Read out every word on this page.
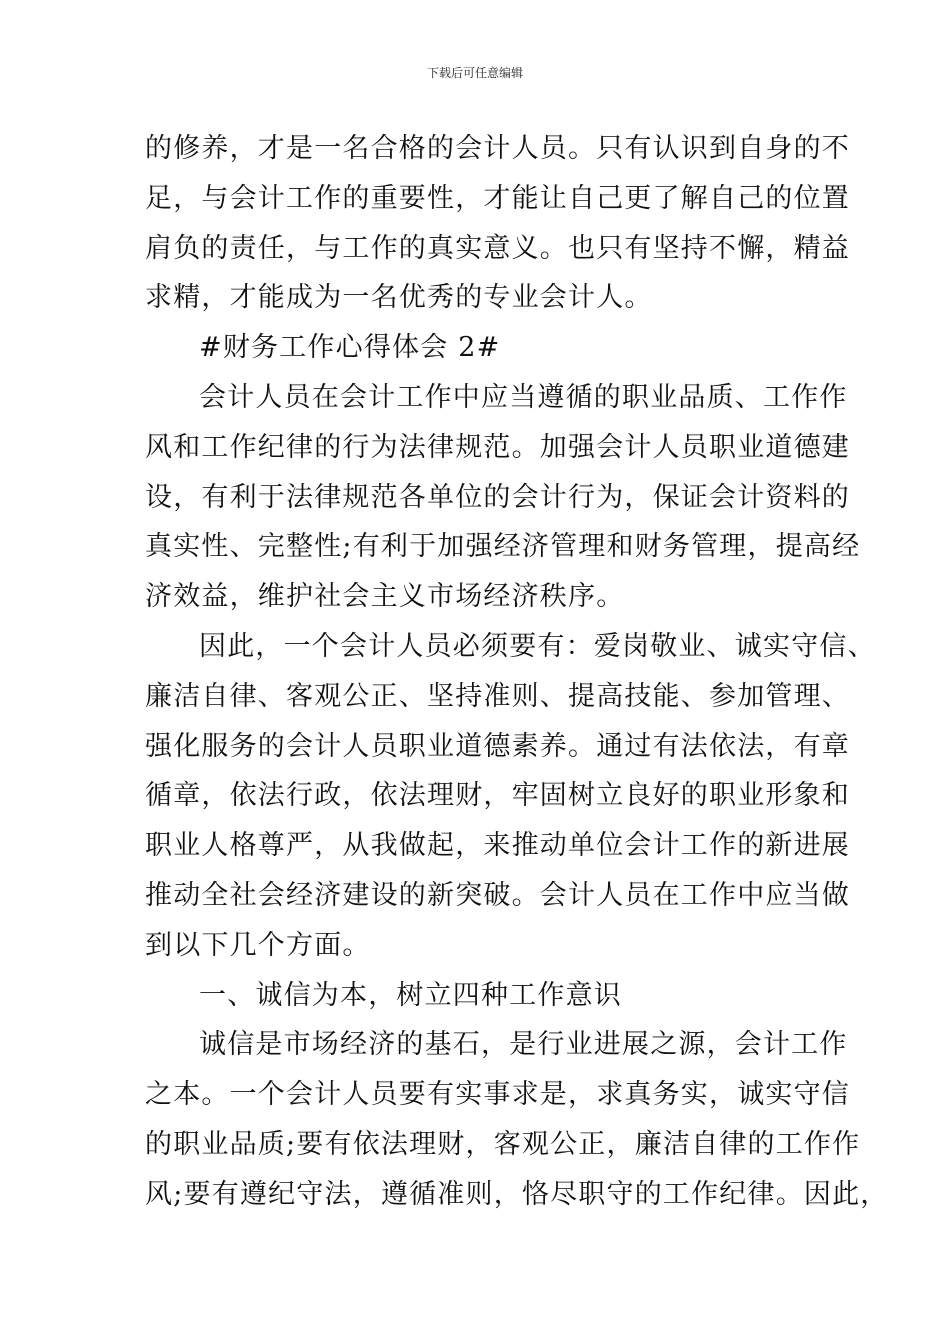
下载后可任意编辑
的修养，才是一名合格的会计人员。只有认识到自身的不
足，与会计工作的重要性，才能让自己更了解自己的位置
肩负的责任，与工作的真实意义。也只有坚持不懈，精益
求精，才能成为一名优秀的专业会计人。
#财务工作心得体会 2#
会计人员在会计工作中应当遵循的职业品质、工作作
风和工作纪律的行为法律规范。加强会计人员职业道德建
设，有利于法律规范各单位的会计行为，保证会计资料的
真实性、完整性;有利于加强经济管理和财务管理，提高经
济效益，维护社会主义市场经济秩序。
因此，一个会计人员必须要有：爱岗敬业、诚实守信、
廉洁自律、客观公正、坚持准则、提高技能、参加管理、
强化服务的会计人员职业道德素养。通过有法依法，有章
循章，依法行政，依法理财，牢固树立良好的职业形象和
职业人格尊严，从我做起，来推动单位会计工作的新进展
推动全社会经济建设的新突破。会计人员在工作中应当做
到以下几个方面。
一、诚信为本，树立四种工作意识
诚信是市场经济的基石，是行业进展之源，会计工作
之本。一个会计人员要有实事求是，求真务实，诚实守信
的职业品质;要有依法理财，客观公正，廉洁自律的工作作
风;要有遵纪守法，遵循准则，恪尽职守的工作纪律。因此，
